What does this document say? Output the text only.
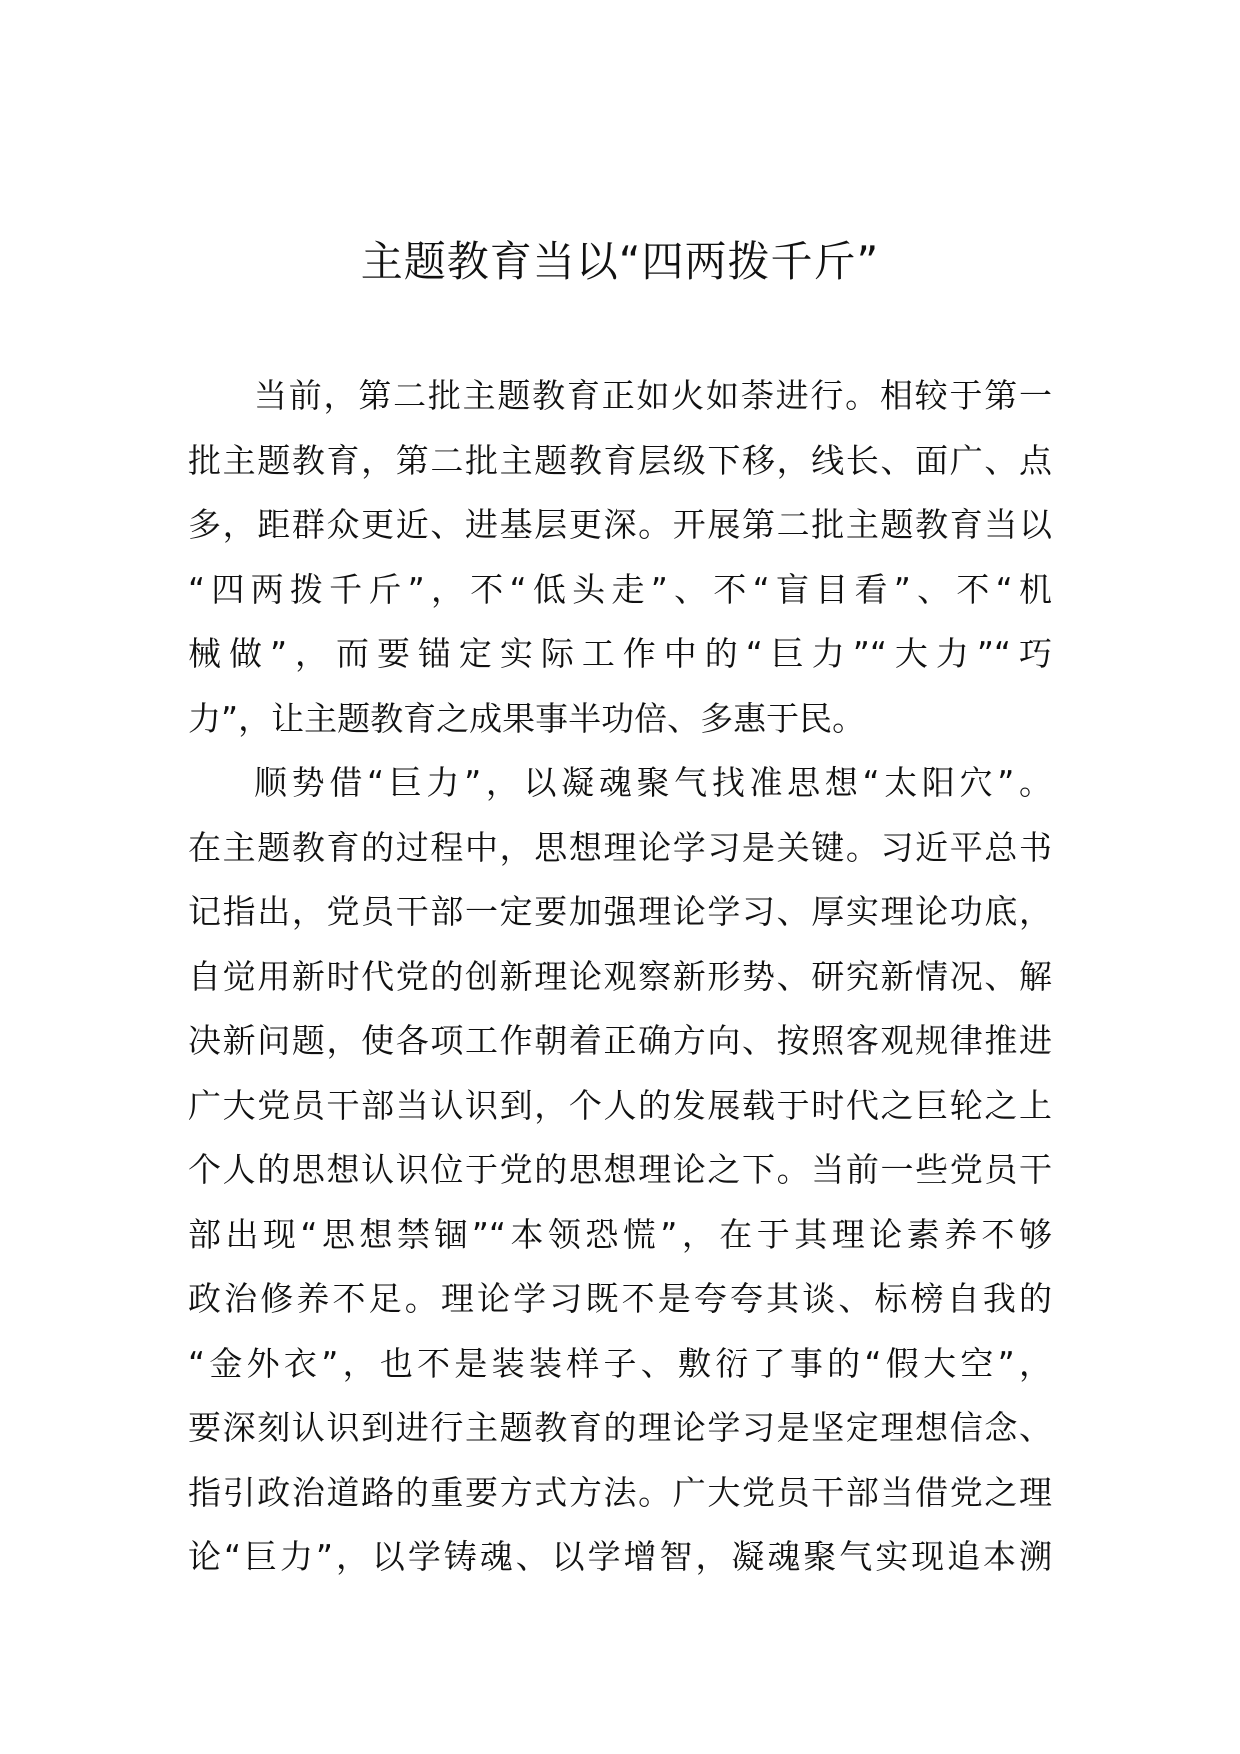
主题教育当以“四两拨千斤”
当前，第二批主题教育正如火如荼进行。相较于第一
批主题教育，第二批主题教育层级下移，线长、面广、点
多，距群众更近、进基层更深。开展第二批主题教育当以
“四两拨千斤”，不“低头走”、不“盲目看”、不“机
械做”，而要锚定实际工作中的“巨力”“大力”“巧
力”，让主题教育之成果事半功倍、多惠于民。
顺势借“巨力”，以凝魂聚气找准思想“太阳穴”。
在主题教育的过程中，思想理论学习是关键。习近平总书
记指出，党员干部一定要加强理论学习、厚实理论功底，
自觉用新时代党的创新理论观察新形势、研究新情况、解
决新问题，使各项工作朝着正确方向、按照客观规律推进
广大党员干部当认识到，个人的发展载于时代之巨轮之上
个人的思想认识位于党的思想理论之下。当前一些党员干
部出现“思想禁锢”“本领恐慌”，在于其理论素养不够
政治修养不足。理论学习既不是夸夸其谈、标榜自我的
“金外衣”，也不是装装样子、敷衍了事的“假大空”，
要深刻认识到进行主题教育的理论学习是坚定理想信念、
指引政治道路的重要方式方法。广大党员干部当借党之理
论“巨力”，以学铸魂、以学增智，凝魂聚气实现追本溯
